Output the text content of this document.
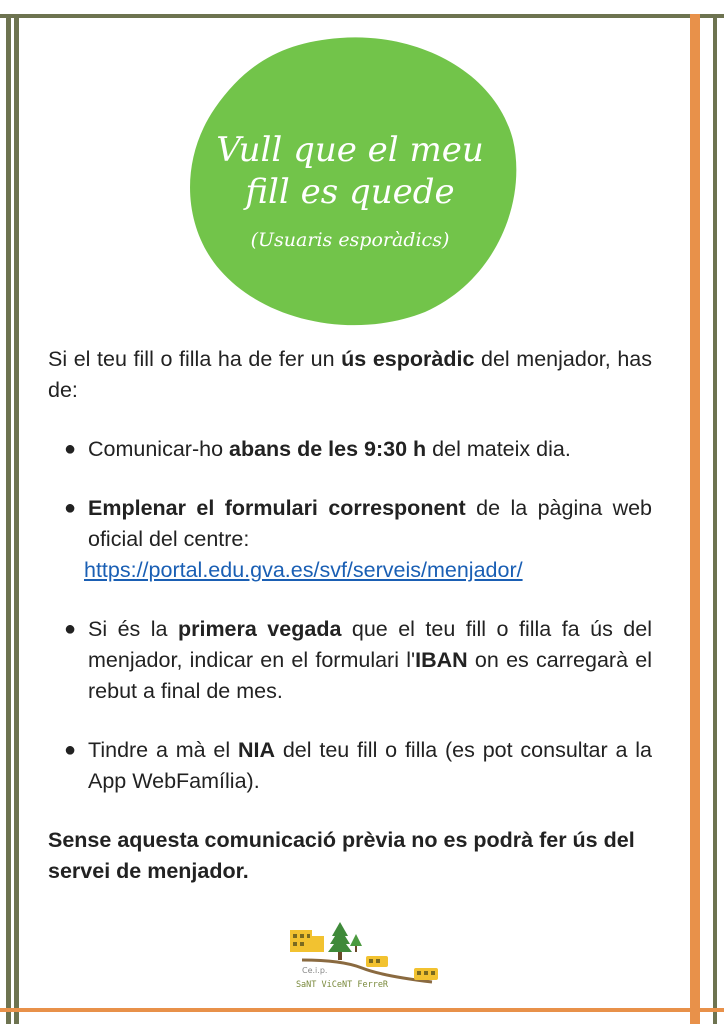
Vull que el meu
fill es quede
(Usuaris esporàdics)

Si el teu fill o filla ha de fer un ús esporàdic del menjador, has de:

● Comunicar-ho abans de les 9:30 h del mateix dia.
● Emplenar el formulari corresponent de la pàgina web oficial del centre:
https://portal.edu.gva.es/svf/serveis/menjador/
● Si és la primera vegada que el teu fill o filla fa ús del menjador, indicar en el formulari l'IBAN on es carregarà el rebut a final de mes.
● Tindre a mà el NIA del teu fill o filla (es pot consultar a la App WebFamília).

Sense aquesta comunicació prèvia no es podrà fer ús del servei de menjador.

Ce.i.p.
SaNT ViCeNT FerreR
